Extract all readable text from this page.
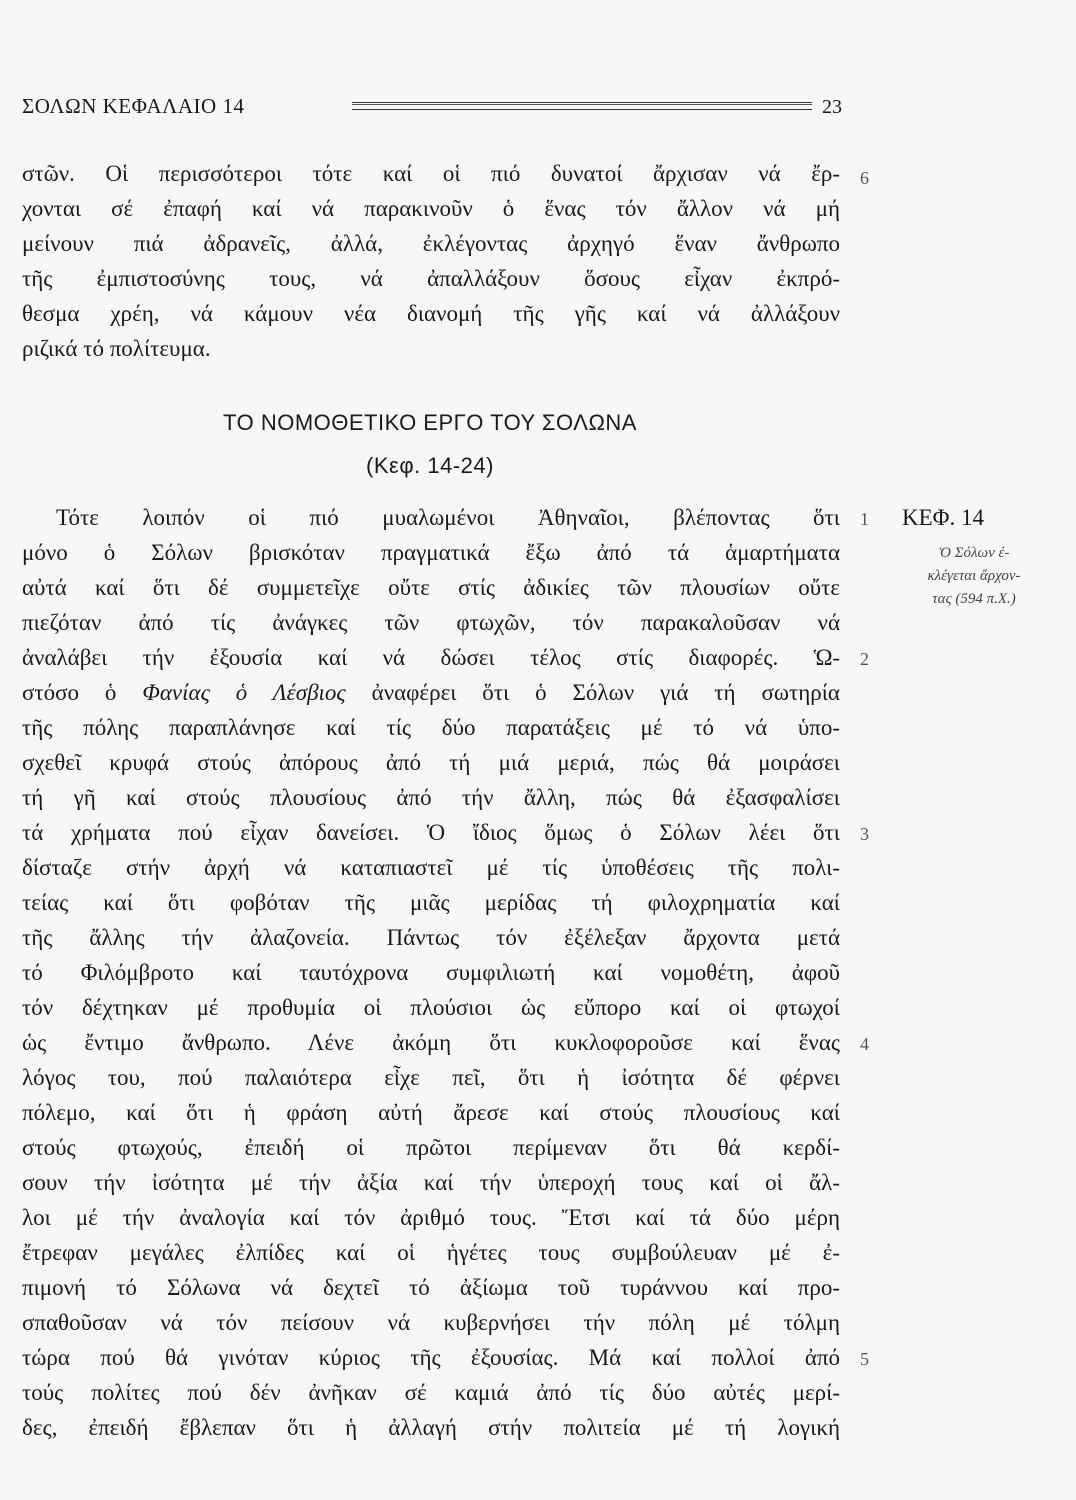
ΣΟΛΩΝ ΚΕΦΑΛΑΙΟ 14	23
στῶν. Οἱ περισσότεροι τότε καί οἱ πιό δυνατοί ἄρχισαν νά ἔρ-
χονται σέ ἐπαφή καί νά παρακινοῦν ὁ ἕνας τόν ἄλλον νά μή
μείνουν πιά ἀδρανεῖς, ἀλλά, ἐκλέγοντας ἀρχηγό ἕναν ἄνθρωπο
τῆς ἐμπιστοσύνης τους, νά ἀπαλλάξουν ὅσους εἶχαν ἐκπρό-
θεσμα χρέη, νά κάμουν νέα διανομή τῆς γῆς καί νά ἀλλάξουν
ριζικά τό πολίτευμα.
6
ΤΟ ΝΟΜΟΘΕΤΙΚΟ ΕΡΓΟ ΤΟΥ ΣΟΛΩΝΑ
(Κεφ. 14-24)
Τότε λοιπόν οἱ πιό μυαλωμένοι Ἀθηναῖοι, βλέποντας ὅτι
μόνο ὁ Σόλων βρισκόταν πραγματικά ἔξω ἀπό τά ἁμαρτήματα
αὐτά καί ὅτι δέ συμμετεῖχε οὔτε στίς ἀδικίες τῶν πλουσίων οὔτε
πιεζόταν ἀπό τίς ἀνάγκες τῶν φτωχῶν, τόν παρακαλοῦσαν νά
ἀναλάβει τήν ἐξουσία καί νά δώσει τέλος στίς διαφορές. Ὡ-
στόσο ὁ Φανίας ὁ Λέσβιος ἀναφέρει ὅτι ὁ Σόλων γιά τή σωτηρία
τῆς πόλης παραπλάνησε καί τίς δύο παρατάξεις μέ τό νά ὑπο-
σχεθεῖ κρυφά στούς ἀπόρους ἀπό τή μιά μεριά, πώς θά μοιράσει
τή γῆ καί στούς πλουσίους ἀπό τήν ἄλλη, πώς θά ἐξασφαλίσει
τά χρήματα πού εἶχαν δανείσει. Ὁ ἴδιος ὅμως ὁ Σόλων λέει ὅτι
δίσταζε στήν ἀρχή νά καταπιαστεῖ μέ τίς ὑποθέσεις τῆς πολι-
τείας καί ὅτι φοβόταν τῆς μιᾶς μερίδας τή φιλοχρηματία καί
τῆς ἄλλης τήν ἀλαζονεία. Πάντως τόν ἐξέλεξαν ἄρχοντα μετά
τό Φιλόμβροτο καί ταυτόχρονα συμφιλιωτή καί νομοθέτη, ἀφοῦ
τόν δέχτηκαν μέ προθυμία οἱ πλούσιοι ὡς εὔπορο καί οἱ φτωχοί
ὡς ἔντιμο ἄνθρωπο. Λένε ἀκόμη ὅτι κυκλοφοροῦσε καί ἕνας
λόγος του, πού παλαιότερα εἶχε πεῖ, ὅτι ἡ ἰσότητα δέ φέρνει
πόλεμο, καί ὅτι ἡ φράση αὐτή ἄρεσε καί στούς πλουσίους καί
στούς φτωχούς, ἐπειδή οἱ πρῶτοι περίμεναν ὅτι θά κερδί-
σουν τήν ἰσότητα μέ τήν ἀξία καί τήν ὑπεροχή τους καί οἱ ἄλ-
λοι μέ τήν ἀναλογία καί τόν ἀριθμό τους. Ἔτσι καί τά δύο μέρη
ἔτρεφαν μεγάλες ἐλπίδες καί οἱ ἡγέτες τους συμβούλευαν μέ ἐ-
πιμονή τό Σόλωνα νά δεχτεῖ τό ἀξίωμα τοῦ τυράννου καί προ-
σπαθοῦσαν νά τόν πείσουν νά κυβερνήσει τήν πόλη μέ τόλμη
τώρα πού θά γινόταν κύριος τῆς ἐξουσίας. Μά καί πολλοί ἀπό
τούς πολίτες πού δέν ἀνῆκαν σέ καμιά ἀπό τίς δύο αὐτές μερί-
δες, ἐπειδή ἔβλεπαν ὅτι ἡ ἀλλαγή στήν πολιτεία μέ τή λογική
1
2
3
4
5
ΚΕΦ. 14
Ὁ Σόλων ἐ-
κλέγεται ἄρχον-
τας (594 π.Χ.)
